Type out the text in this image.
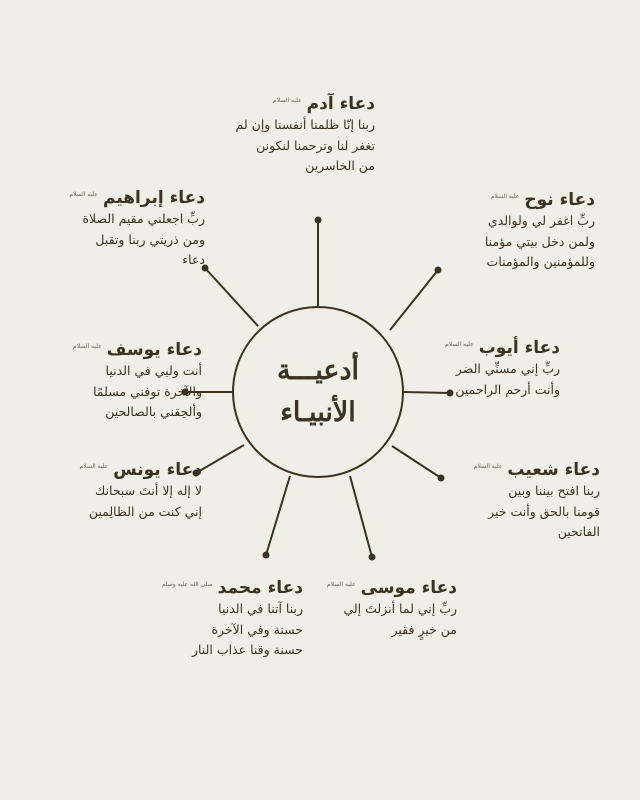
أدعيـــة
الأنبيـاء
دعاء آدم
عليه السلام
ربنا إنّا ظلمنا أنفسنا وإن لم
تغفر لنا وترحمنا لنكونن
من الخاسرين
دعاء إبراهيم
عليه السلام
ربِّ اجعلني مقيم الصلاة
ومن ذريتي ربنا وتقبل
دعاء
دعاء نوح
عليه السلام
ربِّ اغفر لي ولوالدي
ولمن دخل بيتي مؤمنا
وللمؤمنين والمؤمنات
دعاء يوسف
عليه السلام
أنت وليي في الدنيا
والآخرة توفني مسلمًا
وألحِقني بالصالحين
دعاء أيوب
عليه السلام
ربِّ إني مسنِّي الضر
وأنت أرحم الراحمين
دعاء يونس
عليه السلام
لا إله إلا أنتَ سبحانك
إني كنت من الظالِمين
دعاء شعيب
عليه السلام
ربنا افتح بيننا وبين
قومنا بالحق وأنت خير
الفاتحين
دعاء محمد
صلى الله عليه وسلم
ربنا آتنا في الدنيا
حسنة وفي الآخرة
حسنة وقنا عذاب النار
دعاء موسى
عليه السلام
ربِّ إني لما أنزلتَ إلي
من خيرٍ فقير
